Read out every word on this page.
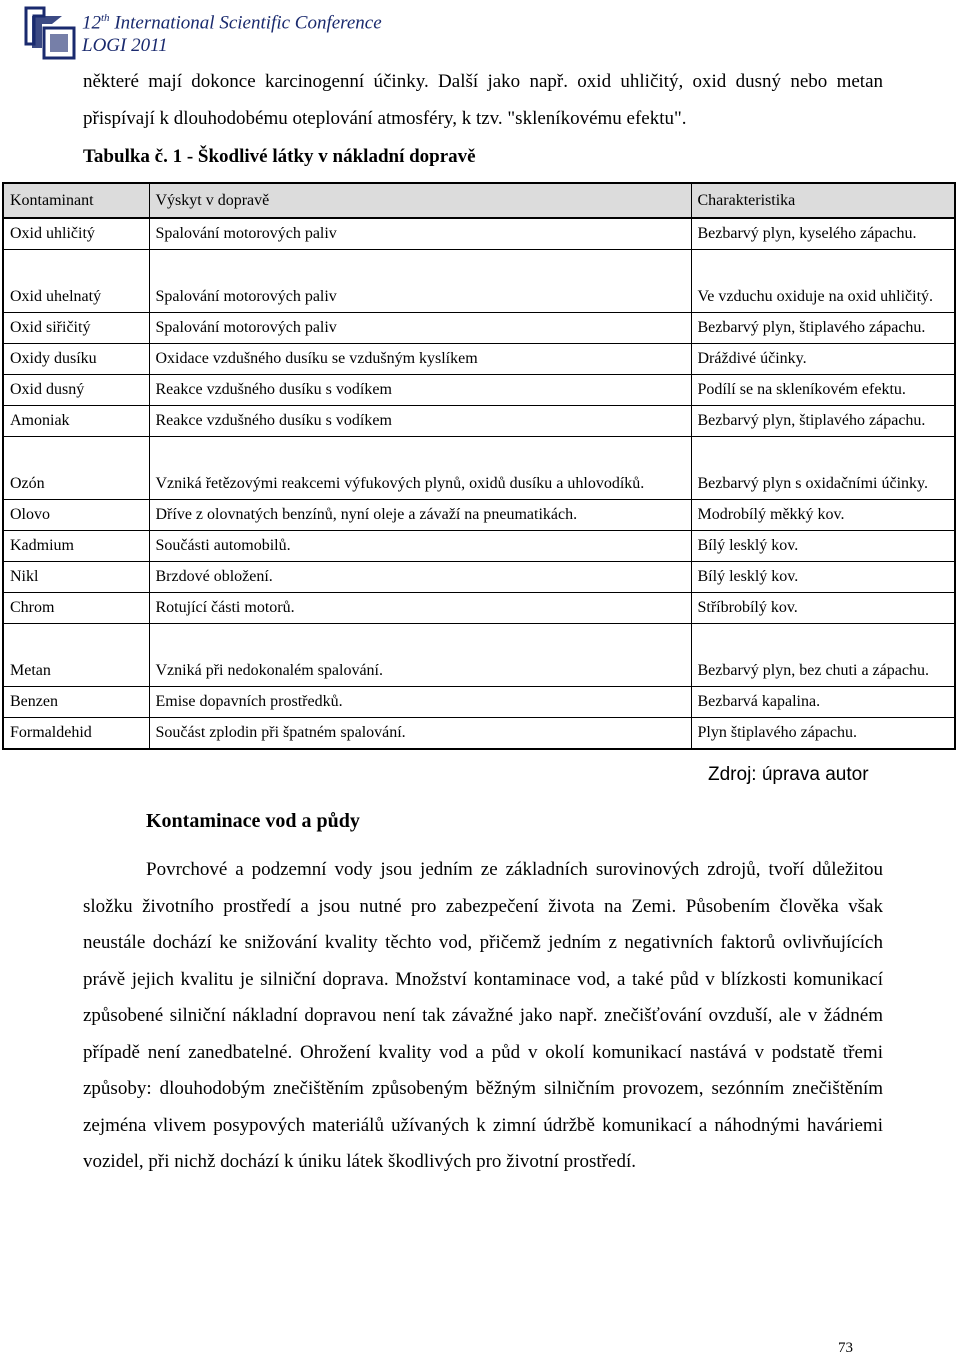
12th International Scientific Conference
LOGI 2011
některé mají dokonce karcinogenní účinky. Další jako např. oxid uhličitý, oxid dusný nebo metan přispívají k dlouhodobému oteplování atmosféry, k tzv. "skleníkovému efektu".
Tabulka č. 1 - Škodlivé látky v nákladní dopravě
Kontaminant	Výskyt v dopravě	Charakteristika
Oxid uhličitý	Spalování motorových paliv	Bezbarvý plyn, kyselého zápachu.
Oxid uhelnatý	Spalování motorových paliv	Ve vzduchu oxiduje na oxid uhličitý.
Oxid siřičitý	Spalování motorových paliv	Bezbarvý plyn, štiplavého zápachu.
Oxidy dusíku	Oxidace vzdušného dusíku se vzdušným kyslíkem	Dráždivé účinky.
Oxid dusný	Reakce vzdušného dusíku s vodíkem	Podílí se na skleníkovém efektu.
Amoniak	Reakce vzdušného dusíku s vodíkem	Bezbarvý plyn, štiplavého zápachu.
Ozón	Vzniká řetězovými reakcemi výfukových plynů, oxidů dusíku a uhlovodíků.	Bezbarvý plyn s oxidačními účinky.
Olovo	Dříve z olovnatých benzínů, nyní oleje a závaží na pneumatikách.	Modrobílý měkký kov.
Kadmium	Součásti automobilů.	Bílý lesklý kov.
Nikl	Brzdové obložení.	Bílý lesklý kov.
Chrom	Rotující části motorů.	Stříbrobílý kov.
Metan	Vzniká při nedokonalém spalování.	Bezbarvý plyn, bez chuti a zápachu.
Benzen	Emise dopavních prostředků.	Bezbarvá kapalina.
Formaldehid	Součást zplodin při špatném spalování.	Plyn štiplavého zápachu.
Zdroj: úprava autor
Kontaminace vod a půdy
Povrchové a podzemní vody jsou jedním ze základních surovinových zdrojů, tvoří důležitou složku životního prostředí a jsou nutné pro zabezpečení života na Zemi. Působením člověka však neustále dochází ke snižování kvality těchto vod, přičemž jedním z negativních faktorů ovlivňujících právě jejich kvalitu je silniční doprava. Množství kontaminace vod, a také půd v blízkosti komunikací způsobené silniční nákladní dopravou není tak závažné jako např. znečišťování ovzduší, ale v žádném případě není zanedbatelné. Ohrožení kvality vod a půd v okolí komunikací nastává v podstatě třemi způsoby: dlouhodobým znečištěním způsobeným běžným silničním provozem, sezónním znečištěním zejména vlivem posypových materiálů užívaných k zimní údržbě komunikací a náhodnými haváriemi vozidel, při nichž dochází k úniku látek škodlivých pro životní prostředí.
73
